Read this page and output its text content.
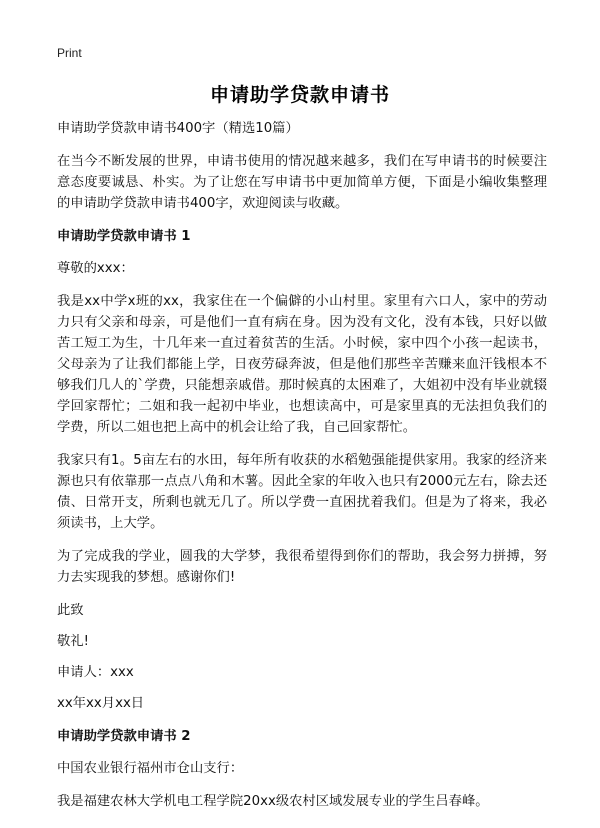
Print
申请助学贷款申请书

申请助学贷款申请书400字（精选10篇）

在当今不断发展的世界，申请书使用的情况越来越多，我们在写申请书的时候要注意态度要诚恳、朴实。为了让您在写申请书中更加简单方便，下面是小编收集整理的申请助学贷款申请书400字，欢迎阅读与收藏。

申请助学贷款申请书 1

尊敬的xxx：

我是xx中学x班的xx，我家住在一个偏僻的小山村里。家里有六口人，家中的劳动力只有父亲和母亲，可是他们一直有病在身。因为没有文化，没有本钱，只好以做苦工短工为生，十几年来一直过着贫苦的生活。小时候，家中四个小孩一起读书，父母亲为了让我们都能上学，日夜劳碌奔波，但是他们那些辛苦赚来血汗钱根本不够我们几人的`学费，只能想亲戚借。那时候真的太困难了，大姐初中没有毕业就辍学回家帮忙；二姐和我一起初中毕业，也想读高中，可是家里真的无法担负我们的学费，所以二姐也把上高中的机会让给了我，自己回家帮忙。

我家只有1。5亩左右的水田，每年所有收获的水稻勉强能提供家用。我家的经济来源也只有依靠那一点点八角和木薯。因此全家的年收入也只有2000元左右，除去还债、日常开支，所剩也就无几了。所以学费一直困扰着我们。但是为了将来，我必须读书，上大学。

为了完成我的学业，圆我的大学梦，我很希望得到你们的帮助，我会努力拼搏，努力去实现我的梦想。感谢你们!

此致

敬礼!

申请人：xxx

xx年xx月xx日

申请助学贷款申请书 2

中国农业银行福州市仓山支行：

我是福建农林大学机电工程学院20xx级农村区域发展专业的学生吕春峰。
